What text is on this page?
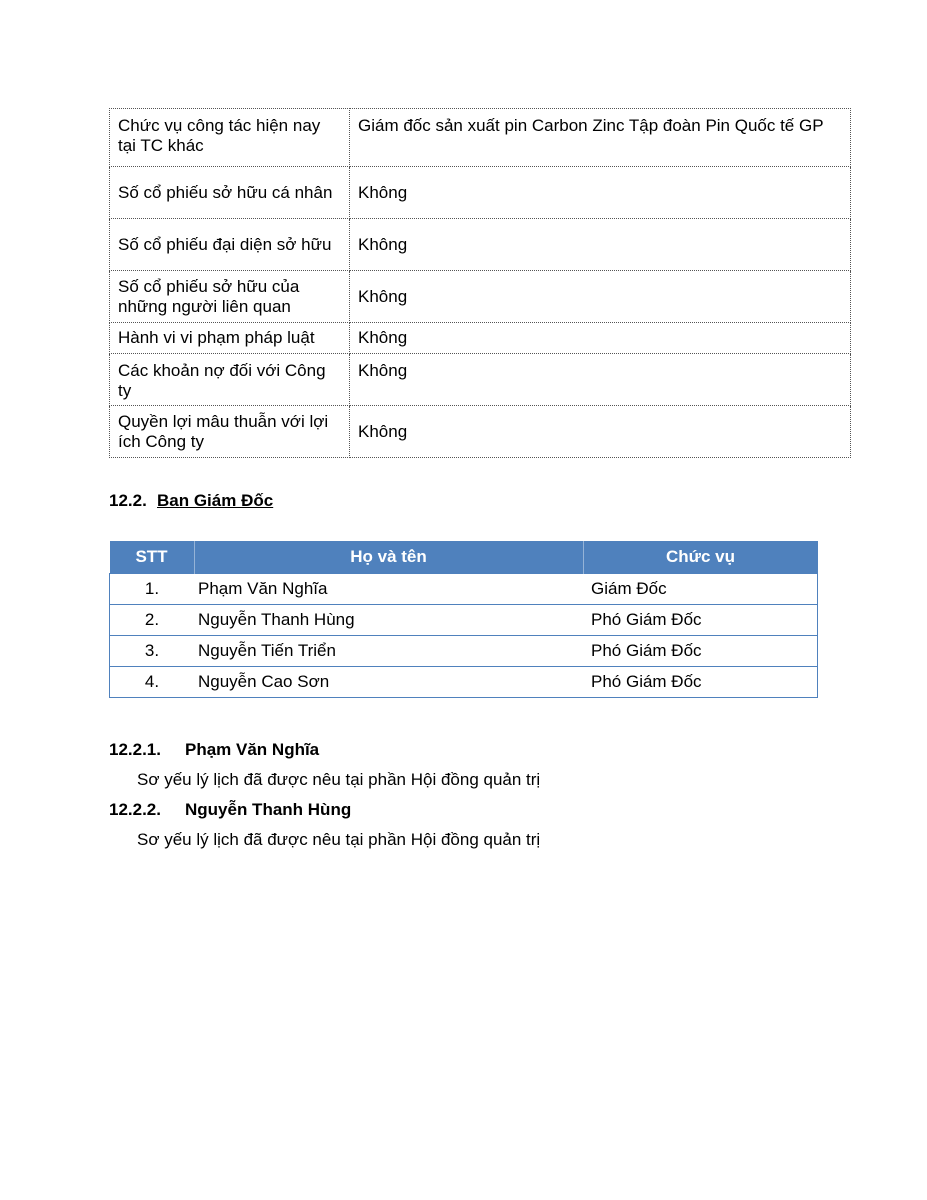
Chức vụ công tác hiện nay tại TC khác	Giám đốc sản xuất pin Carbon Zinc Tập đoàn Pin Quốc tế GP
Số cổ phiếu sở hữu cá nhân	Không
Số cổ phiếu đại diện sở hữu	Không
Số cổ phiếu sở hữu của những người liên quan	Không
Hành vi vi phạm pháp luật	Không
Các khoản nợ đối với Công ty	Không
Quyền lợi mâu thuẫn với lợi ích Công ty	Không
12.2. Ban Giám Đốc
STT	Họ và tên	Chức vụ
1.	Phạm Văn Nghĩa	Giám Đốc
2.	Nguyễn Thanh Hùng	Phó Giám Đốc
3.	Nguyễn Tiến Triển	Phó Giám Đốc
4.	Nguyễn Cao Sơn	Phó Giám Đốc
12.2.1. Phạm Văn Nghĩa
Sơ yếu lý lịch đã được nêu tại phần Hội đồng quản trị
12.2.2. Nguyễn Thanh Hùng
Sơ yếu lý lịch đã được nêu tại phần Hội đồng quản trị
